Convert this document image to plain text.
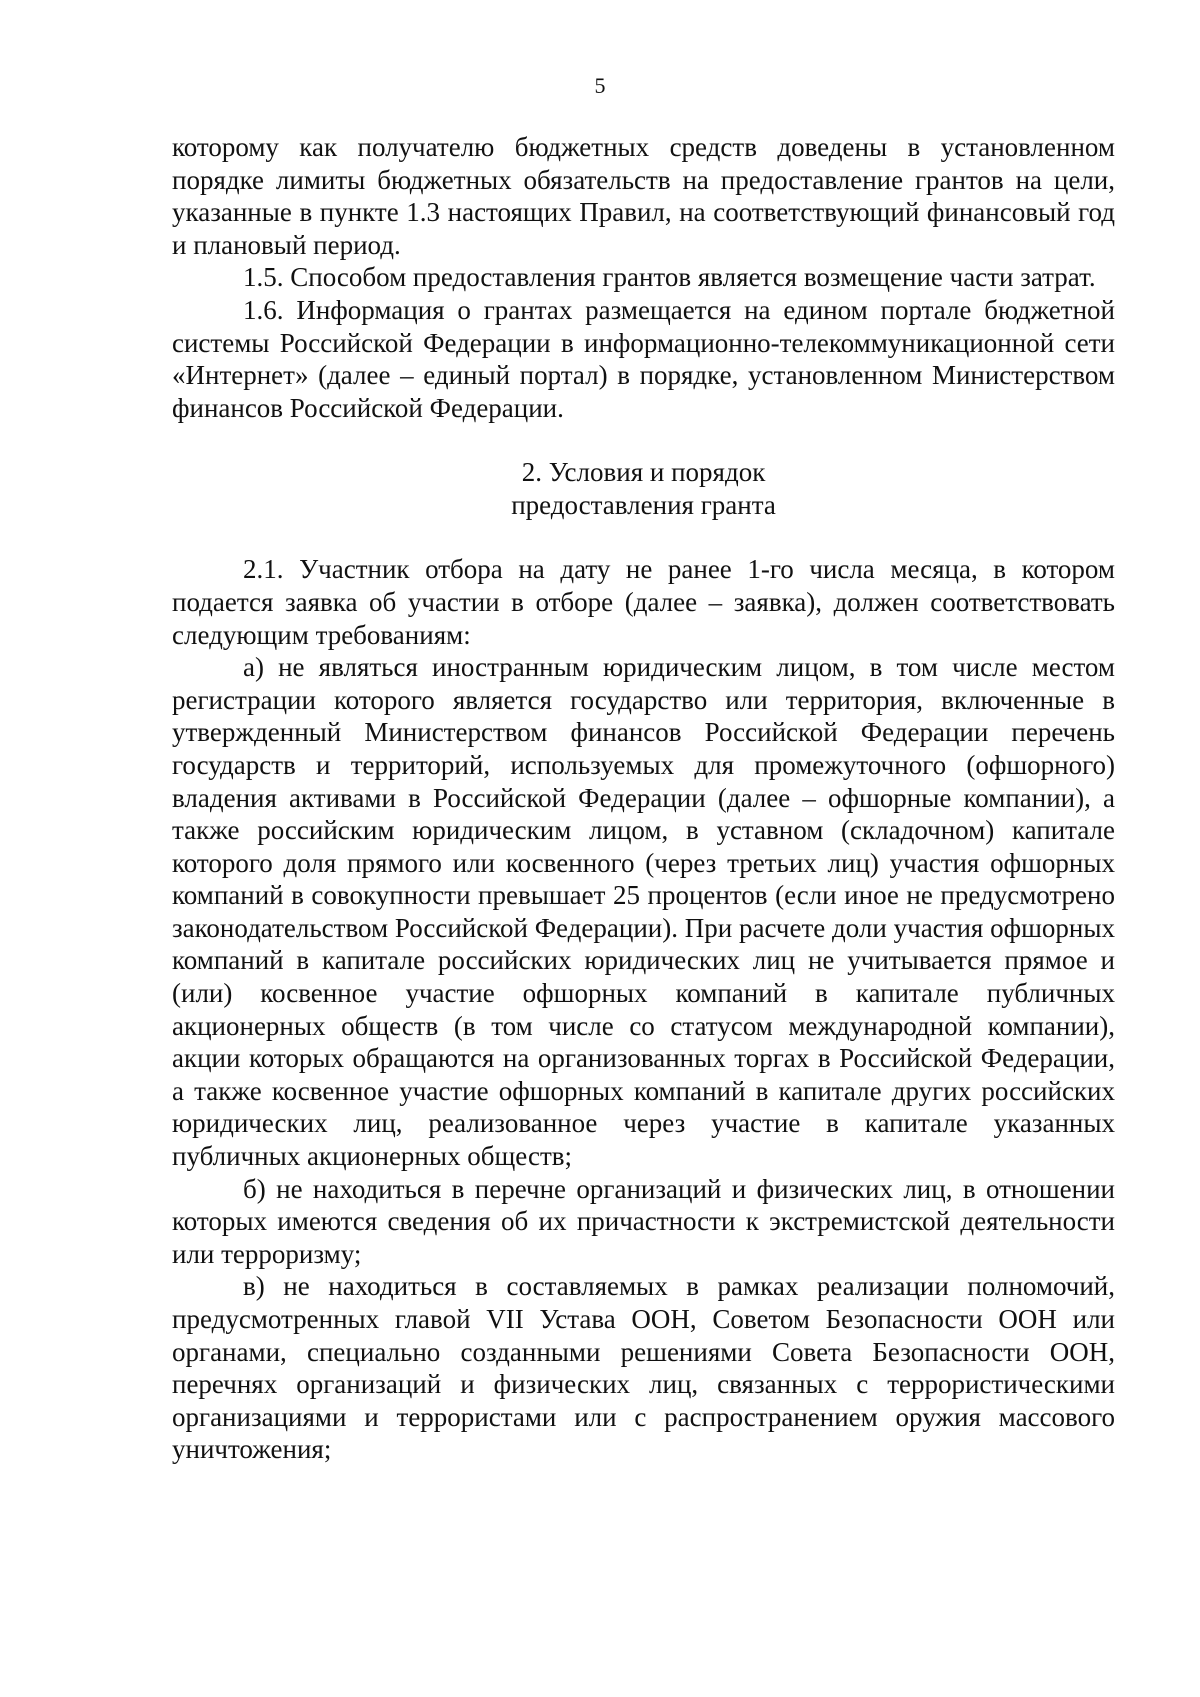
5

которому как получателю бюджетных средств доведены в установленном порядке лимиты бюджетных обязательств на предоставление грантов на цели, указанные в пункте 1.3 настоящих Правил, на соответствующий финансовый год и плановый период.

1.5. Способом предоставления грантов является возмещение части затрат.

1.6. Информация о грантах размещается на едином портале бюджетной системы Российской Федерации в информационно-телекоммуникационной сети «Интернет» (далее – единый портал) в порядке, установленном Министерством финансов Российской Федерации.

2. Условия и порядок
предоставления гранта

2.1. Участник отбора на дату не ранее 1-го числа месяца, в котором подается заявка об участии в отборе (далее – заявка), должен соответствовать следующим требованиям:

а) не являться иностранным юридическим лицом, в том числе местом регистрации которого является государство или территория, включенные в утвержденный Министерством финансов Российской Федерации перечень государств и территорий, используемых для промежуточного (офшорного) владения активами в Российской Федерации (далее – офшорные компании), а также российским юридическим лицом, в уставном (складочном) капитале которого доля прямого или косвенного (через третьих лиц) участия офшорных компаний в совокупности превышает 25 процентов (если иное не предусмотрено законодательством Российской Федерации). При расчете доли участия офшорных компаний в капитале российских юридических лиц не учитывается прямое и (или) косвенное участие офшорных компаний в капитале публичных акционерных обществ (в том числе со статусом международной компании), акции которых обращаются на организованных торгах в Российской Федерации, а также косвенное участие офшорных компаний в капитале других российских юридических лиц, реализованное через участие в капитале указанных публичных акционерных обществ;

б) не находиться в перечне организаций и физических лиц, в отношении которых имеются сведения об их причастности к экстремистской деятельности или терроризму;

в) не находиться в составляемых в рамках реализации полномочий, предусмотренных главой VII Устава ООН, Советом Безопасности ООН или органами, специально созданными решениями Совета Безопасности ООН, перечнях организаций и физических лиц, связанных с террористическими организациями и террористами или с распространением оружия массового уничтожения;
